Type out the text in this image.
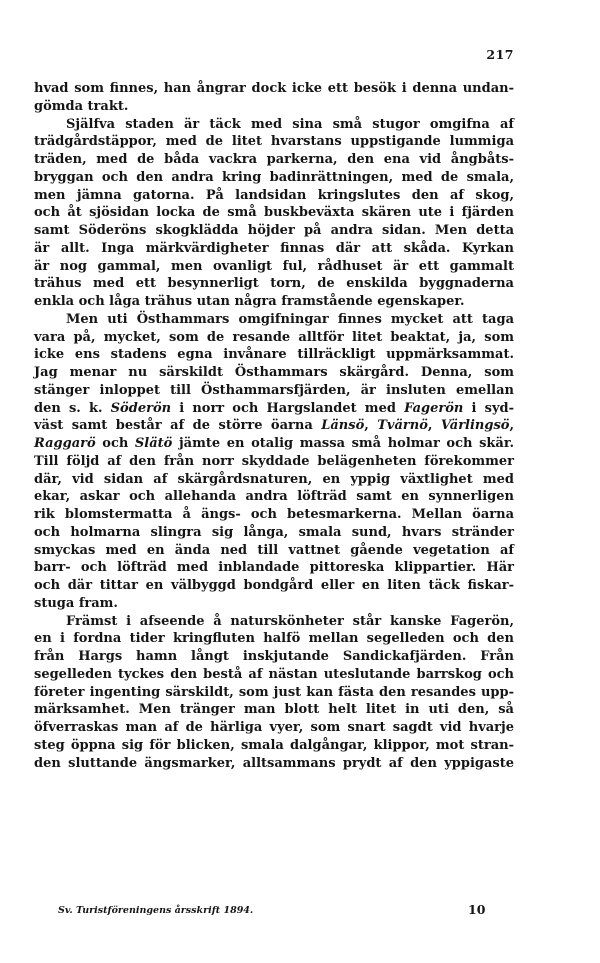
217

hvad som finnes, han ångrar dock icke ett besök i denna undan-
gömda trakt.

Själfva staden är täck med sina små stugor omgifna af
trädgårdstäppor, med de litet hvarstans uppstigande lummiga
träden, med de båda vackra parkerna, den ena vid ångbåts-
bryggan och den andra kring badinrättningen, med de smala,
men jämna gatorna. På landsidan kringslutes den af skog,
och åt sjösidan locka de små buskbeväxta skären ute i fjärden
samt Söderöns skogklädda höjder på andra sidan. Men detta
är allt. Inga märkvärdigheter finnas där att skåda. Kyrkan
är nog gammal, men ovanligt ful, rådhuset är ett gammalt
trähus med ett besynnerligt torn, de enskilda byggnaderna
enkla och låga trähus utan några framstående egenskaper.

Men uti Östhammars omgifningar finnes mycket att taga
vara på, mycket, som de resande alltför litet beaktat, ja, som
icke ens stadens egna invånare tillräckligt uppmärksammat.
Jag menar nu särskildt Östhammars skärgård. Denna, som
stänger inloppet till Östhammarsfjärden, är insluten emellan
den s. k. Söderön i norr och Hargslandet med Fagerön i syd-
väst samt består af de större öarna Länsö, Tvärnö, Värlingsö,
Raggarö och Slätö jämte en otalig massa små holmar och skär.
Till följd af den från norr skyddade belägenheten förekommer
där, vid sidan af skärgårdsnaturen, en yppig växtlighet med
ekar, askar och allehanda andra löfträd samt en synnerligen
rik blomstermatta å ängs- och betesmarkerna. Mellan öarna
och holmarna slingra sig långa, smala sund, hvars stränder
smyckas med en ända ned till vattnet gående vegetation af
barr- och löfträd med inblandade pittoreska klippartier. Här
och där tittar en välbyggd bondgård eller en liten täck fiskar-
stuga fram.

Främst i afseende å naturskönheter står kanske Fagerön,
en i fordna tider kringfluten halfö mellan segelleden och den
från Hargs hamn långt inskjutande Sandickafjärden. Från
segelleden tyckes den bestå af nästan uteslutande barrskog och
företer ingenting särskildt, som just kan fästa den resandes upp-
märksamhet. Men tränger man blott helt litet in uti den, så
öfverraskas man af de härliga vyer, som snart sagdt vid hvarje
steg öppna sig för blicken, smala dalgångar, klippor, mot stran-
den sluttande ängsmarker, alltsammans prydt af den yppigaste

Sv. Turistföreningens årsskrift 1894.	10
